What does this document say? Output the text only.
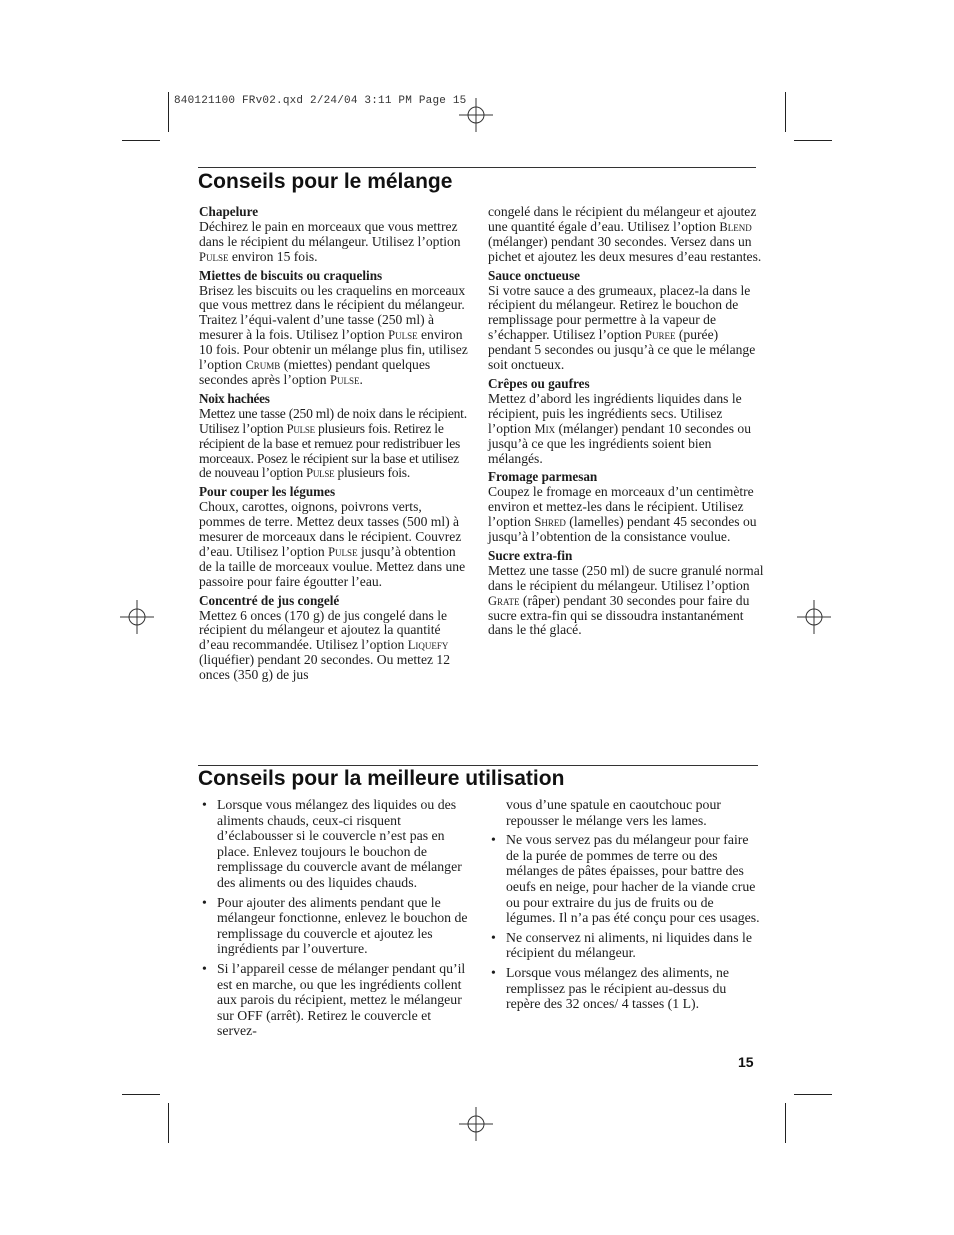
840121100 FRv02.qxd 2/24/04 3:11 PM Page 15
Conseils pour le mélange

Chapelure
Déchirez le pain en morceaux que vous mettrez dans le récipient du mélangeur. Utilisez l’option Pulse environ 15 fois.

Miettes de biscuits ou craquelins
Brisez les biscuits ou les craquelins en morceaux que vous mettrez dans le récipient du mélangeur. Traitez l’équi-valent d’une tasse (250 ml) à mesurer à la fois. Utilisez l’option Pulse environ 10 fois. Pour obtenir un mélange plus fin, utilisez l’option Crumb (miettes) pendant quelques secondes après l’option Pulse.

Noix hachées
Mettez une tasse (250 ml) de noix dans le récipient. Utilisez l’option Pulse plusieurs fois. Retirez le récipient de la base et remuez pour redistribuer les morceaux. Posez le récipient sur la base et utilisez de nouveau l’option Pulse plusieurs fois.

Pour couper les légumes
Choux, carottes, oignons, poivrons verts, pommes de terre. Mettez deux tasses (500 ml) à mesurer de morceaux dans le récipient. Couvrez d’eau. Utilisez l’option Pulse jusqu’à obtention de la taille de morceaux voulue. Mettez dans une passoire pour faire égoutter l’eau.

Concentré de jus congelé
Mettez 6 onces (170 g) de jus congelé dans le récipient du mélangeur et ajoutez la quantité d’eau recommandée. Utilisez l’option Liquefy (liquéfier) pendant 20 secondes. Ou mettez 12 onces (350 g) de jus

congelé dans le récipient du mélangeur et ajoutez une quantité égale d’eau. Utilisez l’option Blend (mélanger) pendant 30 secondes. Versez dans un pichet et ajoutez les deux mesures d’eau restantes.

Sauce onctueuse
Si votre sauce a des grumeaux, placez-la dans le récipient du mélangeur. Retirez le bouchon de remplissage pour permettre à la vapeur de s’échapper. Utilisez l’option Puree (purée) pendant 5 secondes ou jusqu’à ce que le mélange soit onctueux.

Crêpes ou gaufres
Mettez d’abord les ingrédients liquides dans le récipient, puis les ingrédients secs. Utilisez l’option Mix (mélanger) pendant 10 secondes ou jusqu’à ce que les ingrédients soient bien mélangés.

Fromage parmesan
Coupez le fromage en morceaux d’un centimètre environ et mettez-les dans le récipient. Utilisez l’option Shred (lamelles) pendant 45 secondes ou jusqu’à l’obtention de la consistance voulue.

Sucre extra-fin
Mettez une tasse (250 ml) de sucre granulé normal dans le récipient du mélangeur. Utilisez l’option Grate (râper) pendant 30 secondes pour faire du sucre extra-fin qui se dissoudra instantanément dans le thé glacé.

Conseils pour la meilleure utilisation
• Lorsque vous mélangez des liquides ou des aliments chauds, ceux-ci risquent d’éclabousser si le couvercle n’est pas en place. Enlevez toujours le bouchon de remplissage du couvercle avant de mélanger des aliments ou des liquides chauds.
• Pour ajouter des aliments pendant que le mélangeur fonctionne, enlevez le bouchon de remplissage du couvercle et ajoutez les ingrédients par l’ouverture.
• Si l’appareil cesse de mélanger pendant qu’il est en marche, ou que les ingrédients collent aux parois du récipient, mettez le mélangeur sur OFF (arrêt). Retirez le couvercle et servez-
vous d’une spatule en caoutchouc pour repousser le mélange vers les lames.
• Ne vous servez pas du mélangeur pour faire de la purée de pommes de terre ou des mélanges de pâtes épaisses, pour battre des oeufs en neige, pour hacher de la viande crue ou pour extraire du jus de fruits ou de légumes. Il n’a pas été conçu pour ces usages.
• Ne conservez ni aliments, ni liquides dans le récipient du mélangeur.
• Lorsque vous mélangez des aliments, ne remplissez pas le récipient au-dessus du repère des 32 onces/ 4 tasses (1 L).
15
